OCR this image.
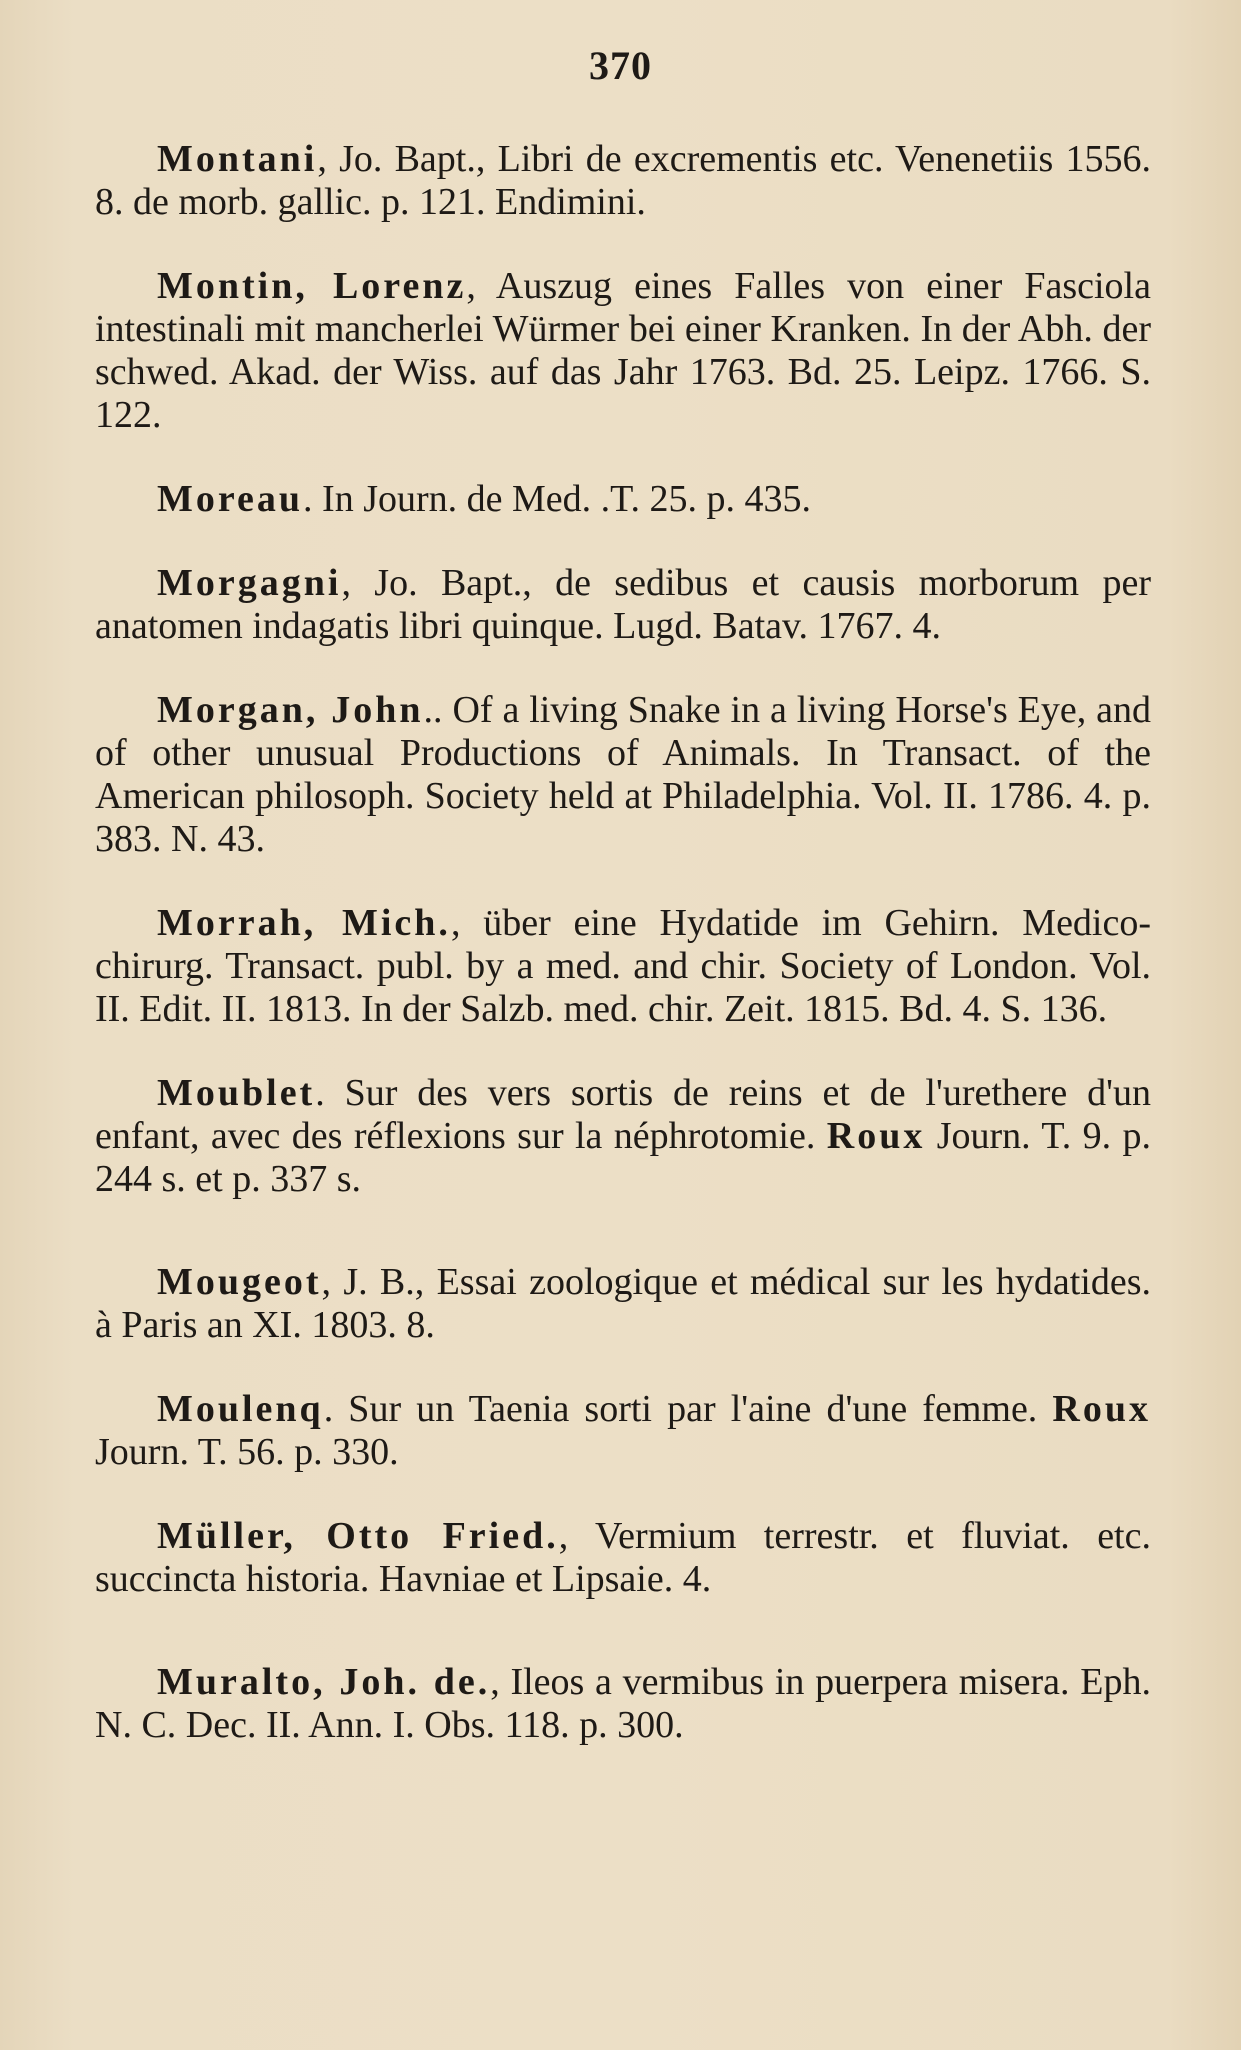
370

Montani, Jo. Bapt., Libri de excrementis etc. Venenetiis 1556. 8. de morb. gallic. p. 121. Endimini.

Montin, Lorenz, Auszug eines Falles von einer Fasciola intestinali mit mancherlei Würmer bei einer Kranken. In der Abh. der schwed. Akad. der Wiss. auf das Jahr 1763. Bd. 25. Leipz. 1766. S. 122.

Moreau. In Journ. de Med. .T. 25. p. 435.

Morgagni, Jo. Bapt., de sedibus et causis morborum per anatomen indagatis libri quinque. Lugd. Batav. 1767. 4.

Morgan, John.. Of a living Snake in a living Horse's Eye, and of other unusual Productions of Animals. In Transact. of the American philosoph. Society held at Philadelphia. Vol. II. 1786. 4. p. 383. N. 43.

Morrah, Mich., über eine Hydatide im Gehirn. Medico-chirurg. Transact. publ. by a med. and chir. Society of London. Vol. II. Edit. II. 1813. In der Salzb. med. chir. Zeit. 1815. Bd. 4. S. 136.

Moublet. Sur des vers sortis de reins et de l'urethere d'un enfant, avec des réflexions sur la néphrotomie. Roux Journ. T. 9. p. 244 s. et p. 337 s.

Mougeot, J. B., Essai zoologique et médical sur les hydatides. à Paris an XI. 1803. 8.

Moulenq. Sur un Taenia sorti par l'aine d'une femme. Roux Journ. T. 56. p. 330.

Müller, Otto Fried., Vermium terrestr. et fluviat. etc. succincta historia. Havniae et Lipsaie. 4.

Muralto, Joh. de., Ileos a vermibus in puerpera misera. Eph. N. C. Dec. II. Ann. I. Obs. 118. p. 300.
